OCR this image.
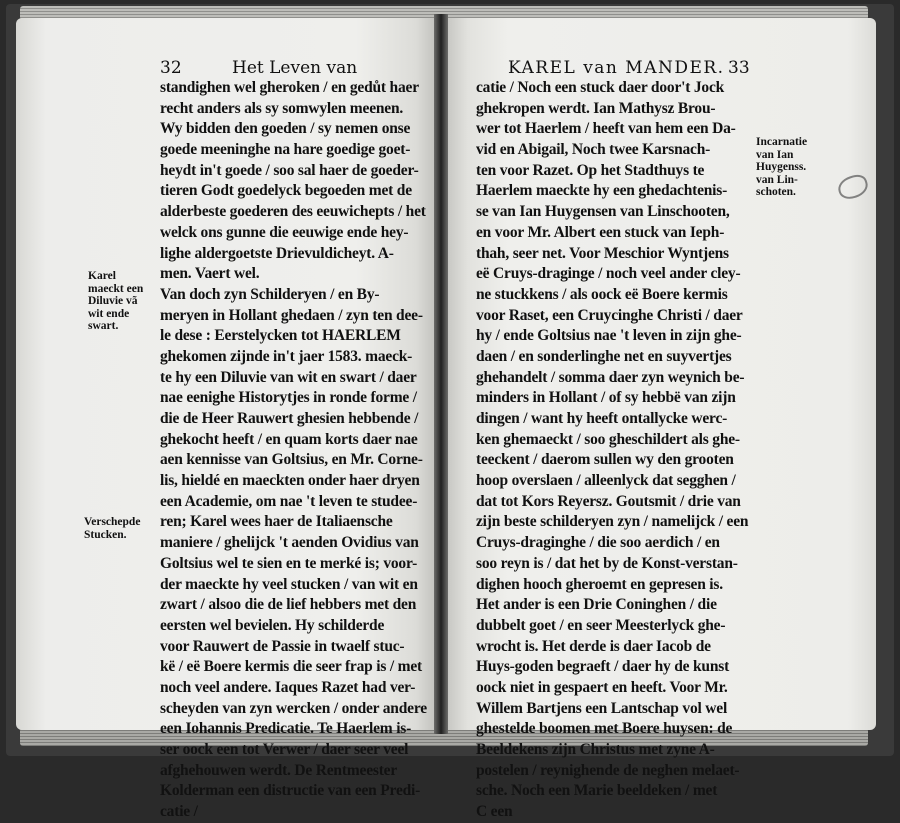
32	Het Leven van
standighen wel gheroken / en gedůt haer
recht anders als sy somwylen meenen.
Wy bidden den goeden / sy nemen onse
goede meeninghe na hare goedige goet-
heydt in't goede / soo sal haer de goeder-
tieren Godt goedelyck begoeden met de
alderbeste goederen des eeuwichepts / het
welck ons gunne die eeuwige ende hey-
lighe aldergoetste Drievuldicheyt. A-
men. Vaert wel.
Van doch zyn Schilderyen / en By-
meryen in Hollant ghedaen / zyn ten dee-
le dese : Eerstelycken tot HAERLEM
ghekomen zijnde in't jaer 1583. maeck-
te hy een Diluvie van wit en swart / daer
nae eenighe Historytjes in ronde forme /
die de Heer Rauwert ghesien hebbende /
ghekocht heeft / en quam korts daer nae
aen kennisse van Goltsius, en Mr. Corne-
lis, hieldé en maeckten onder haer dryen
een Academie, om nae 't leven te studee-
ren; Karel wees haer de Italiaensche
maniere / ghelijck 't aenden Ovidius van
Goltsius wel te sien en te merké is; voor-
der maeckte hy veel stucken / van wit en
zwart / alsoo die de lief hebbers met den
eersten wel bevielen. Hy schilderde
voor Rauwert de Passie in twaelf stuc-
kë / eë Boere kermis die seer frap is / met
noch veel andere. Iaques Razet had ver-
scheyden van zyn wercken / onder andere
een Iohannis Predicatie. Te Haerlem is-
ser oock een tot Verwer / daer seer veel
afghehouwen werdt. De Rentmeester
Kolderman een distructie van een Predi-
catie /
Karel
maeckt een
Diluvie vã
wit ende
swart.
Verschepde
Stucken.
KAREL van MANDER. 33
catie / Noch een stuck daer door't Jock
ghekropen werdt. Ian Mathysz Brou-
wer tot Haerlem / heeft van hem een Da-
vid en Abigail, Noch twee Karsnach-
ten voor Razet. Op het Stadthuys te
Haerlem maeckte hy een ghedachtenis-
se van Ian Huygensen van Linschooten,
en voor Mr. Albert een stuck van Ieph-
thah, seer net. Voor Meschior Wyntjens
eë Cruys-draginge / noch veel ander cley-
ne stuckkens / als oock eë Boere kermis
voor Raset, een Cruycinghe Christi / daer
hy / ende Goltsius nae 't leven in zijn ghe-
daen / en sonderlinghe net en suyvertjes
ghehandelt / somma daer zyn weynich be-
minders in Hollant / of sy hebbë van zijn
dingen / want hy heeft ontallycke werc-
ken ghemaeckt / soo gheschildert als ghe-
teeckent / daerom sullen wy den grooten
hoop overslaen / alleenlyck dat segghen /
dat tot Kors Reyersz. Goutsmit / drie van
zijn beste schilderyen zyn / namelijck / een
Cruys-draginghe / die soo aerdich / en
soo reyn is / dat het by de Konst-verstan-
dighen hooch gheroemt en gepresen is.
Het ander is een Drie Coninghen / die
dubbelt goet / en seer Meesterlyck ghe-
wrocht is. Het derde is daer Iacob de
Huys-goden begraeft / daer hy de kunst
oock niet in gespaert en heeft. Voor Mr.
Willem Bartjens een Lantschap vol wel
ghestelde boomen met Boere huysen: de
Beeldekens zijn Christus met zyne A-
postelen / reynighende de neghen melaet-
sche. Noch een Marie beeldeken / met
C een
Incarnatie
van Ian
Huygenss.
van Lin-
schoten.
